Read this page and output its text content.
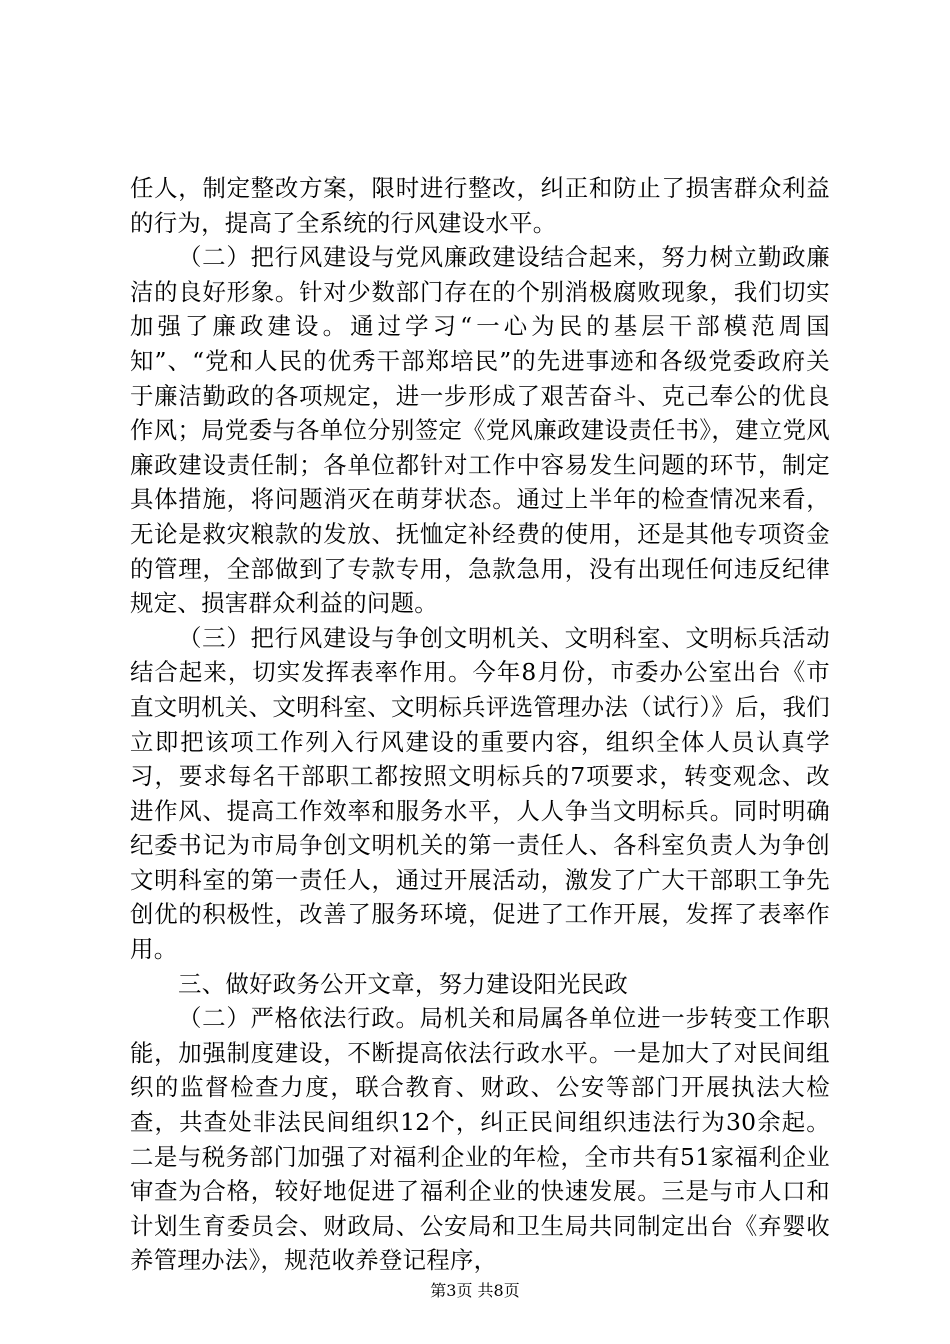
任人，制定整改方案，限时进行整改，纠正和防止了损害群众利益的行为，提高了全系统的行风建设水平。

（二）把行风建设与党风廉政建设结合起来，努力树立勤政廉洁的良好形象。针对少数部门存在的个别消极腐败现象，我们切实加强了廉政建设。通过学习“一心为民的基层干部模范周国知”、“党和人民的优秀干部郑培民”的先进事迹和各级党委政府关于廉洁勤政的各项规定，进一步形成了艰苦奋斗、克己奉公的优良作风；局党委与各单位分别签定《党风廉政建设责任书》，建立党风廉政建设责任制；各单位都针对工作中容易发生问题的环节，制定具体措施，将问题消灭在萌芽状态。通过上半年的检查情况来看，无论是救灾粮款的发放、抚恤定补经费的使用，还是其他专项资金的管理，全部做到了专款专用，急款急用，没有出现任何违反纪律规定、损害群众利益的问题。

（三）把行风建设与争创文明机关、文明科室、文明标兵活动结合起来，切实发挥表率作用。今年8月份，市委办公室出台《市直文明机关、文明科室、文明标兵评选管理办法（试行）》后，我们立即把该项工作列入行风建设的重要内容，组织全体人员认真学习，要求每名干部职工都按照文明标兵的7项要求，转变观念、改进作风、提高工作效率和服务水平，人人争当文明标兵。同时明确纪委书记为市局争创文明机关的第一责任人、各科室负责人为争创文明科室的第一责任人，通过开展活动，激发了广大干部职工争先创优的积极性，改善了服务环境，促进了工作开展，发挥了表率作用。

三、做好政务公开文章，努力建设阳光民政

（二）严格依法行政。局机关和局属各单位进一步转变工作职能，加强制度建设，不断提高依法行政水平。一是加大了对民间组织的监督检查力度，联合教育、财政、公安等部门开展执法大检查，共查处非法民间组织12个，纠正民间组织违法行为30余起。二是与税务部门加强了对福利企业的年检，全市共有51家福利企业审查为合格，较好地促进了福利企业的快速发展。三是与市人口和计划生育委员会、财政局、公安局和卫生局共同制定出台《弃婴收养管理办法》，规范收养登记程序，

第3页 共8页
